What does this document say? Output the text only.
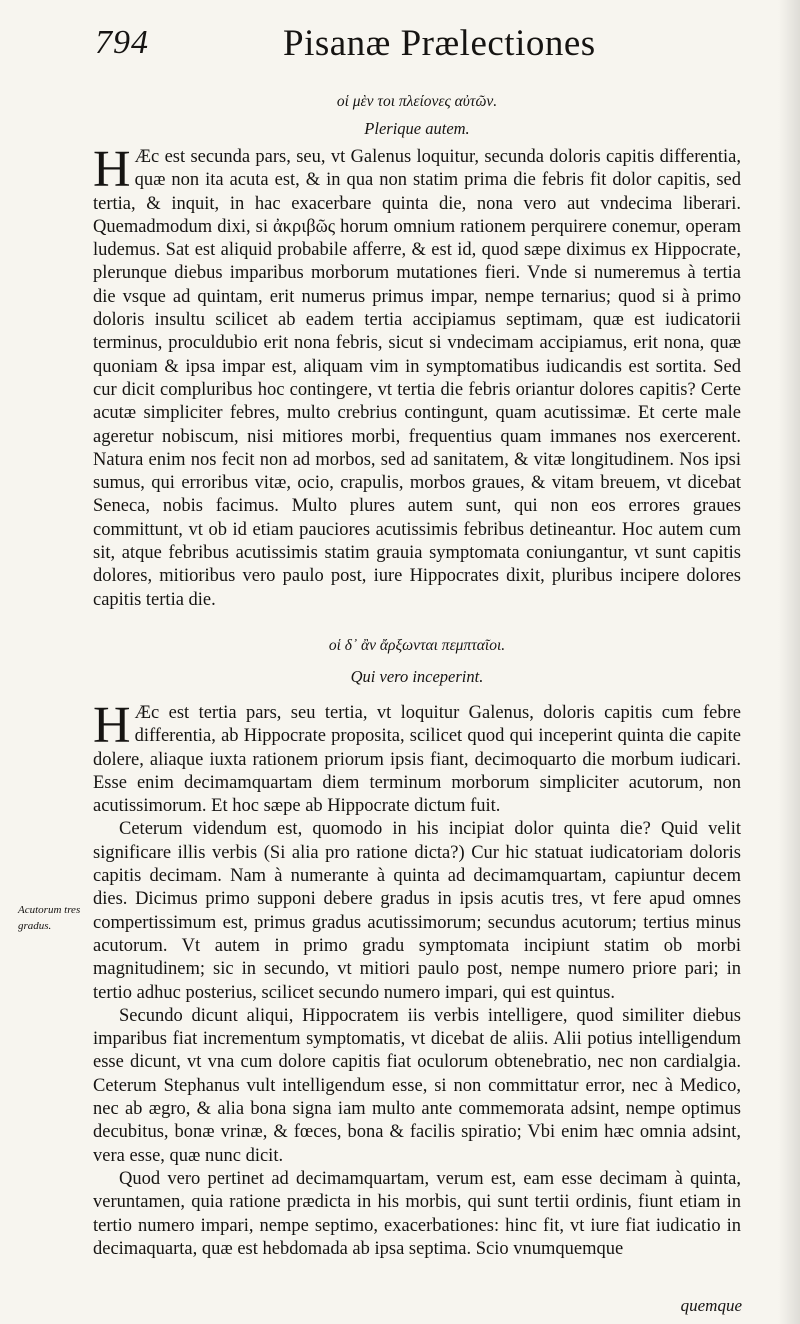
794	Pisanæ Prælectiones
οἱ μὲν τοι πλείονες αὐτῶν.
Plerique autem.

H Æc est secunda pars, seu, vt Galenus loquitur, secunda doloris capitis differentia, quæ non ita acuta est, & in qua non statim prima die febris fit dolor capitis, sed tertia, & inquit, in hac exacerbare quinta die, nona vero aut vndecima liberari. Quemadmodum dixi, si ἀκριβῶς horum omnium rationem perquirere conemur, operam ludemus. Sat est aliquid probabile afferre, & est id, quod sæpe diximus ex Hippocrate, plerunque diebus imparibus morborum mutationes fieri. Vnde si numeremus à tertia die vsque ad quintam, erit numerus primus impar, nempe ternarius; quod si à primo doloris insultu scilicet ab eadem tertia accipiamus septimam, quæ est iudicatorii terminus, proculdubio erit nona febris, sicut si vndecimam accipiamus, erit nona, quæ quoniam & ipsa impar est, aliquam vim in symptomatibus iudicandis est sortita. Sed cur dicit compluribus hoc contingere, vt tertia die febris oriantur dolores capitis? Certe acutæ simpliciter febres, multo crebrius contingunt, quam acutissimæ. Et certe male ageretur nobiscum, nisi mitiores morbi, frequentius quam immanes nos exercerent. Natura enim nos fecit non ad morbos, sed ad sanitatem, & vitæ longitudinem. Nos ipsi sumus, qui erroribus vitæ, ocio, crapulis, morbos graues, & vitam breuem, vt dicebat Seneca, nobis facimus. Multo plures autem sunt, qui non eos errores graues committunt, vt ob id etiam pauciores acutissimis febribus detineantur. Hoc autem cum sit, atque febribus acutissimis statim grauia symptomata coniungantur, vt sunt capitis dolores, mitioribus vero paulo post, iure Hippocrates dixit, pluribus incipere dolores capitis tertia die.

οἱ δ᾽ ἂν ἄρξωνται πεμπταῖοι.
Qui vero inceperint.

H Æc est tertia pars, seu tertia, vt loquitur Galenus, doloris capitis cum febre differentia, ab Hippocrate proposita, scilicet quod qui inceperint quinta die capite dolere, aliaque iuxta rationem priorum ipsis fiant, decimoquarto die morbum iudicari. Esse enim decimamquartam diem terminum morborum simpliciter acutorum, non acutissimorum. Et hoc sæpe ab Hippocrate dictum fuit.

Ceterum videndum est, quomodo in his incipiat dolor quinta die? Quid velit significare illis verbis (Si alia pro ratione dicta?) Cur hic statuat iudicatoriam doloris capitis decimam. Nam à numerante à quinta ad decimamquartam, capiuntur decem dies. Dicimus primo supponi debere gradus in ipsis acutis tres, vt fere apud omnes compertissimum est, primus gradus acutissimorum; secundus acutorum; tertius minus acutorum. Vt autem in primo gradu symptomata incipiunt statim ob morbi magnitudinem; sic in secundo, vt mitiori paulo post, nempe numero priore pari; in tertio adhuc posterius, scilicet secundo numero impari, qui est quintus.

Secundo dicunt aliqui, Hippocratem iis verbis intelligere, quod similiter diebus imparibus fiat incrementum symptomatis, vt dicebat de aliis. Alii potius intelligendum esse dicunt, vt vna cum dolore capitis fiat oculorum obtenebratio, nec non cardialgia. Ceterum Stephanus vult intelligendum esse, si non committatur error, nec à Medico, nec ab ægro, & alia bona signa iam multo ante commemorata adsint, nempe optimus decubitus, bonæ vrinæ, & fœces, bona & facilis spiratio; Vbi enim hæc omnia adsint, vera esse, quæ nunc dicit.

Quod vero pertinet ad decimamquartam, verum est, eam esse decimam à quinta, veruntamen, quia ratione prædicta in his morbis, qui sunt tertii ordinis, fiunt etiam in tertio numero impari, nempe septimo, exacerbationes: hinc fit, vt iure fiat iudicatio in decimaquarta, quæ est hebdomada ab ipsa septima. Scio vnumquemque

Acutorum tres gradus.
quemque
